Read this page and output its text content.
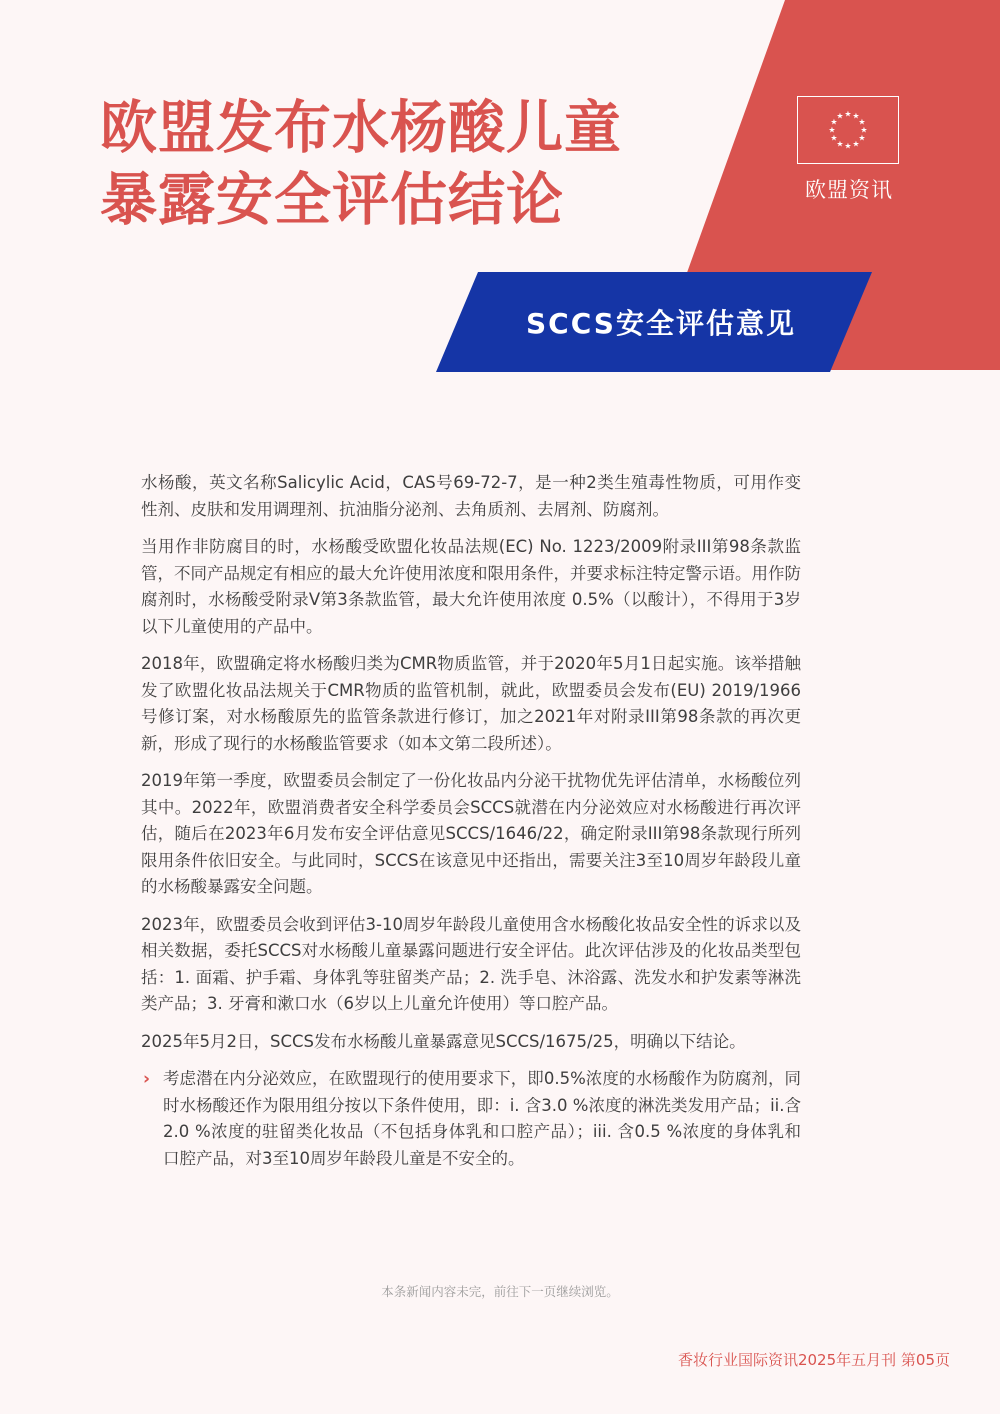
欧盟发布水杨酸儿童
暴露安全评估结论
★ ★
★
★
★
★
★
★
★
★
★
★
欧盟资讯
SCCS安全评估意见

水杨酸，英文名称Salicylic Acid，CAS号69-72-7，是一种2类生殖毒性物质，可用作变性剂、皮肤和发用调理剂、抗油脂分泌剂、去角质剂、去屑剂、防腐剂。

当用作非防腐目的时，水杨酸受欧盟化妆品法规(EC) No. 1223/2009附录III第98条款监管，不同产品规定有相应的最大允许使用浓度和限用条件，并要求标注特定警示语。用作防腐剂时，水杨酸受附录V第3条款监管，最大允许使用浓度 0.5%（以酸计），不得用于3岁以下儿童使用的产品中。

2018年，欧盟确定将水杨酸归类为CMR物质监管，并于2020年5月1日起实施。该举措触发了欧盟化妆品法规关于CMR物质的监管机制，就此，欧盟委员会发布(EU) 2019/1966 号修订案，对水杨酸原先的监管条款进行修订，加之2021年对附录III第98条款的再次更新，形成了现行的水杨酸监管要求（如本文第二段所述）。

2019年第一季度，欧盟委员会制定了一份化妆品内分泌干扰物优先评估清单，水杨酸位列其中。2022年，欧盟消费者安全科学委员会SCCS就潜在内分泌效应对水杨酸进行再次评估，随后在2023年6月发布安全评估意见SCCS/1646/22，确定附录III第98条款现行所列限用条件依旧安全。与此同时，SCCS在该意见中还指出，需要关注3至10周岁年龄段儿童的水杨酸暴露安全问题。

2023年，欧盟委员会收到评估3-10周岁年龄段儿童使用含水杨酸化妆品安全性的诉求以及相关数据，委托SCCS对水杨酸儿童暴露问题进行安全评估。此次评估涉及的化妆品类型包括：1. 面霜、护手霜、身体乳等驻留类产品；2. 洗手皂、沐浴露、洗发水和护发素等淋洗类产品；3. 牙膏和漱口水（6岁以上儿童允许使用）等口腔产品。

2025年5月2日，SCCS发布水杨酸儿童暴露意见SCCS/1675/25，明确以下结论。

› 考虑潜在内分泌效应，在欧盟现行的使用要求下，即0.5%浓度的水杨酸作为防腐剂，同时水杨酸还作为限用组分按以下条件使用，即：i. 含3.0 %浓度的淋洗类发用产品；ii.含2.0 %浓度的驻留类化妆品（不包括身体乳和口腔产品）；iii. 含0.5 %浓度的身体乳和口腔产品，对3至10周岁年龄段儿童是不安全的。
本条新闻内容未完，前往下一页继续浏览。
香妆行业国际资讯2025年五月刊 第05页
